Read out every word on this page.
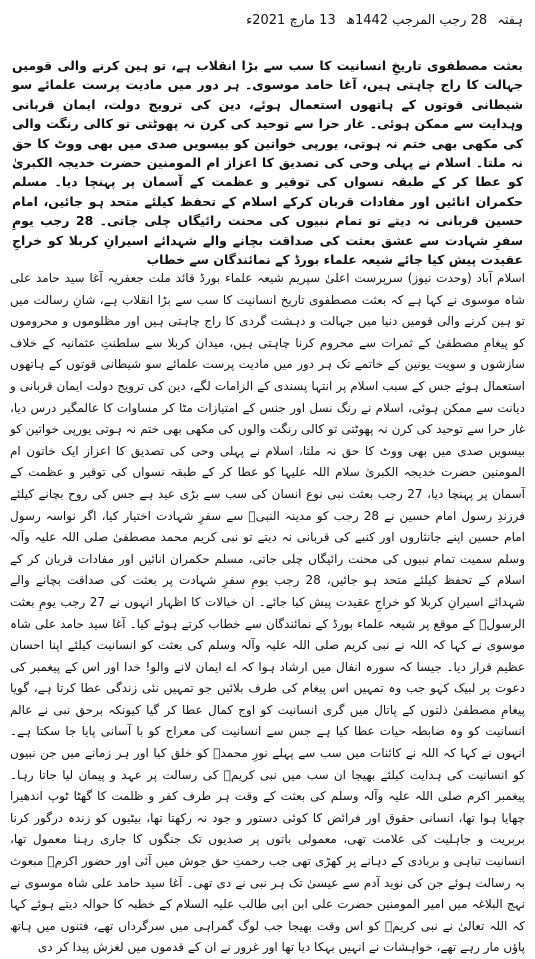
ہفتہ 28 رجب المرجب 1442ھ 13 مارچ 2021ء

بعثت مصطفوی تاریخِ انسانیت کا سب سے بڑا انقلاب ہے، تو ہین کرنے والی قومیں جہالت کا راج چاہتی ہیں، آغا حامد موسوی۔ ہر دور میں مادیت پرست علمائے سو شیطانی قوتوں کے ہاتھوں استعمال ہوئے، دین کی ترویج دولت، ایمان قربانی وہدایت سے ممکن ہوئی۔ غار حرا سے توحید کی کرن نہ پھوٹتی تو کالی رنگت والی کی مکھی بھی ختم نہ ہوتی، یورپی خواتین کو بیسویں صدی میں بھی ووٹ کا حق نہ ملتا۔ اسلام نے پہلی وحی کی تصدیق کا اعزاز ام المومنین حضرت خدیجہ الکبریٰ کو عطا کر کے طبقہ نسواں کی توقیر و عظمت کے آسمان پر پہنچا دیا۔ مسلم حکمران انائیں اور مفادات قربان کرکے اسلام کے تحفظ کیلئے متحد ہو جائیں، امام حسین قربانی نہ دیتے تو تمام نبیوں کی محنت رائیگاں چلی جاتی۔ 28 رجب یومِ سفرِ شہادت سے عشق بعثت کی صداقت بچانے والے شہدائے اسیرانِ کربلا کو خراجِ عقیدت پیش کیا جائے شیعہ علماء بورڈ کے نمائندگان سے خطاب

اسلام آباد (وحدت نیوز) سرپرست اعلیٰ سپریم شیعہ علماء بورڈ قائد ملت جعفریہ آغا سید حامد علی شاہ موسوی نے کہا ہے کہ بعثت مصطفوی تاریخ انسانیت کا سب سے بڑا انقلاب ہے، شانِ رسالت میں تو ہین کرنے والی قومیں دنیا میں جہالت و دہشت گردی کا راج چاہتی ہیں اور مظلوموں و محروموں کو پیغامِ مصطفیٰ کے ثمرات سے محروم کرنا چاہتی ہیں، میدان کربلا سے سلطنتِ عثمانیہ کے خلاف سازشوں و سویت یونین کے خاتمے تک ہر دور میں مادیت پرست علمائے سو شیطانی قوتوں کے ہاتھوں استعمال ہوئے جس کے سبب اسلام پر انتہا پسندی کے الزامات لگے، دین کی ترویج دولت ایمان قربانی و دیانت سے ممکن ہوئی، اسلام نے رنگ نسل اور جنس کے امتیازات مٹا کر مساوات کا عالمگیر درس دیا، غار حرا سے توحید کی کرن نہ پھوٹتی تو کالی رنگت والوں کی مکھی بھی ختم نہ ہوتی یورپی خواتین کو بیسویں صدی میں بھی ووٹ کا حق نہ ملتا، اسلام نے پہلی وحی کی تصدیق کا اعزاز ایک خاتون ام المومنین حضرت خدیجہ الکبریٰ سلام اللہ علیہا کو عطا کر کے طبقہ نسواں کی توقیر و عظمت کے آسمان پر پہنچا دیا، 27 رجب بعثت نبی نوع انسان کی سب سے بڑی عید ہے جس کی روح بچانے کیلئے فرزندِ رسول امام حسین نے 28 رجب کو مدینہ النبیؐ سے سفرِ شہادت اختیار کیا، اگر نواسہ رسول امام حسین اپنے جانثاروں اور کنبے کی قربانی نہ دیتے تو نبی کریم محمد مصطفیٰ صلی اللہ علیہ وآلہ وسلم سمیت تمام نبیوں کی محنت رائیگاں چلی جاتی، مسلم حکمران انائیں اور مفادات قربان کر کے اسلام کے تحفظ کیلئے متحد ہو جائیں، 28 رجب یومِ سفرِ شہادت پر بعثت کی صداقت بچانے والے شہدائے اسیرانِ کربلا کو خراجِ عقیدت پیش کیا جائے۔ ان خیالات کا اظہار انہوں نے 27 رجب یومِ بعثت الرسولؐ کے موقع پر شیعہ علماء بورڈ کے نمائندگان سے خطاب کرتے ہوئے کیا۔ آغا سید حامد علی شاہ موسوی نے کہا کہ اللہ نے نبی کریم صلی اللہ علیہ وآلہ وسلم کی بعثت کو انسانیت کیلئے اپنا احسان عظیم قرار دیا۔ جیسا کہ سورہ انفال میں ارشاد ہوا کہ اے ایمان لانے والو! خدا اور اس کے پیغمبر کی دعوت پر لبیک کہو جب وہ تمہیں اس پیغام کی طرف بلائیں جو تمہیں نئی زندگی عطا کرتا ہے، گویا پیغامِ مصطفیٰ ذلتوں کے پاتال میں گری انسانیت کو اوج کمال عطا کر گیا کیونکہ برحق نبی نے عالم انسانیت کو وہ ضابطہ حیات عطا کیا ہے جس سے انسانیت کی معراج کو با آسانی پایا جا سکتا ہے۔ انہوں نے کہا کہ اللہ نے کائنات میں سب سے پہلے نورِ محمدؐ کو خلق کیا اور ہر زمانے میں جن نبیوں کو انسانیت کی ہدایت کیلئے بھیجا ان سب میں نبی کریمؐ کی رسالت پر عہد و پیمان لیا جاتا رہا۔ پیغمبر اکرم صلی اللہ علیہ وآلہ وسلم کی بعثت کے وقت ہر طرف کفر و ظلمت کا گھٹا ٹوپ اندھیرا چھایا ہوا تھا، انسانی حقوق اور فرائض کا کوئی دستور و جود نہ رکھتا تھا، بیٹیوں کو زندہ درگور کرنا بربریت و جاہلیت کی علامت تھی، معمولی باتوں پر صدیوں تک جنگوں کا جاری رہنا معمول تھا، انسانیت تباہی و بربادی کے دہانے پر کھڑی تھی جب رحمتِ حق جوش میں آئی اور حضور اکرمؐ مبعوث بہ رسالت ہوئے جن کی نوید آدم سے عیسیٰ تک ہر نبی نے دی تھی۔ آغا سید حامد علی شاہ موسوی نے نہج البلاغہ میں امیر المومنین حضرت علی ابن ابی طالب علیہ السلام کے خطبہ کا حوالہ دیتے ہوئے کہا کہ اللہ تعالیٰ نے نبی کریمؐ کو اس وقت بھیجا جب لوگ گمراہی میں سرگرداں تھے، فتنوں میں ہاتھ پاؤں مار رہے تھے، خواہشات نے انہیں بہکا دیا تھا اور غرور نے ان کے قدموں میں لغزش پیدا کر دی
